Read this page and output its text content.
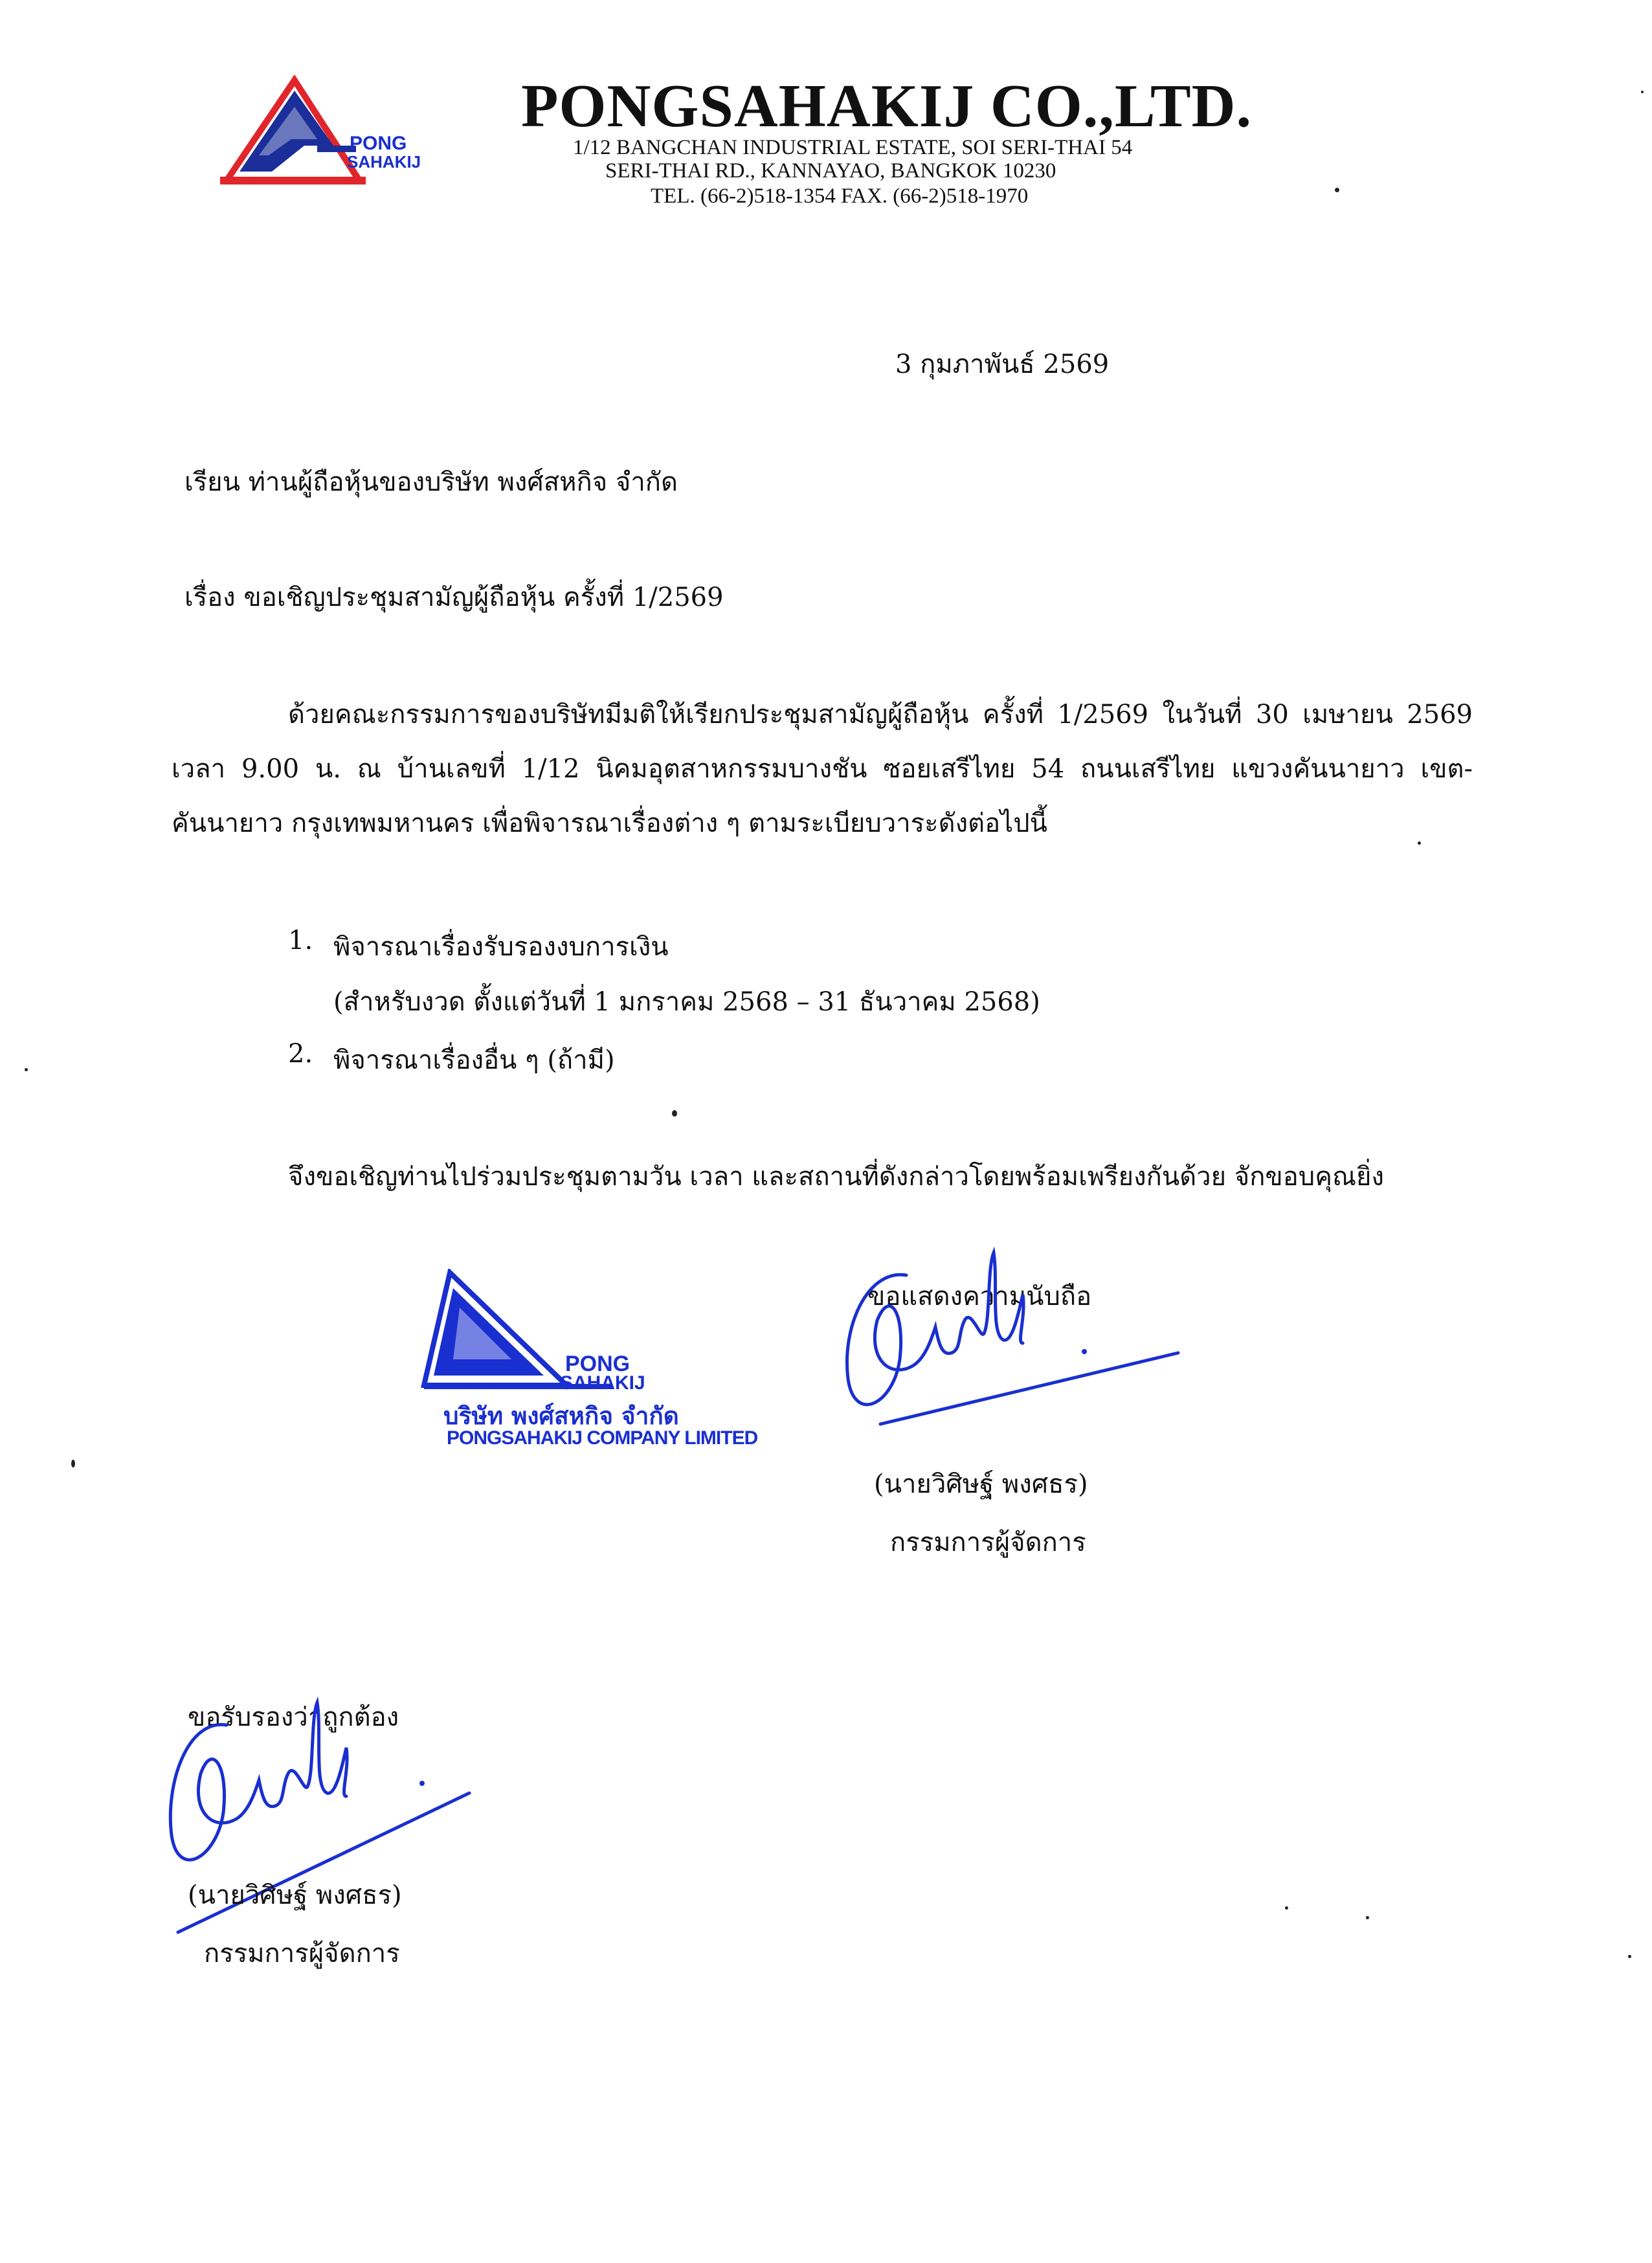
PONG
SAHAKIJ
PONGSAHAKIJ CO.,LTD.
1/12 BANGCHAN INDUSTRIAL ESTATE, SOI SERI-THAI 54
SERI-THAI RD., KANNAYAO, BANGKOK 10230
TEL. (66-2)518-1354 FAX. (66-2)518-1970
3 กุมภาพันธ์ 2569
เรียน ท่านผู้ถือหุ้นของบริษัท พงศ์สหกิจ จำกัด
เรื่อง ขอเชิญประชุมสามัญผู้ถือหุ้น ครั้งที่ 1/2569
ด้วยคณะกรรมการของบริษัทมีมติให้เรียกประชุมสามัญผู้ถือหุ้น ครั้งที่ 1/2569 ในวันที่ 30 เมษายน 2569 เวลา 9.00 น. ณ บ้านเลขที่ 1/12 นิคมอุตสาหกรรมบางชัน ซอยเสรีไทย 54 ถนนเสรีไทย แขวงคันนายาว เขต-คันนายาว กรุงเทพมหานคร เพื่อพิจารณาเรื่องต่าง ๆ ตามระเบียบวาระดังต่อไปนี้
1. พิจารณาเรื่องรับรองงบการเงิน
(สำหรับงวด ตั้งแต่วันที่ 1 มกราคม 2568 – 31 ธันวาคม 2568)
2. พิจารณาเรื่องอื่น ๆ (ถ้ามี)
จึงขอเชิญท่านไปร่วมประชุมตามวัน เวลา และสถานที่ดังกล่าวโดยพร้อมเพรียงกันด้วย จักขอบคุณยิ่ง
PONG
SAHAKIJ
บริษัท พงศ์สหกิจ จำกัด
PONGSAHAKIJ COMPANY LIMITED
ขอแสดงความนับถือ
(นายวิศิษฐ์ พงศธร)
กรรมการผู้จัดการ
ขอรับรองว่าถูกต้อง
(นายวิศิษฐ์ พงศธร)
กรรมการผู้จัดการ
